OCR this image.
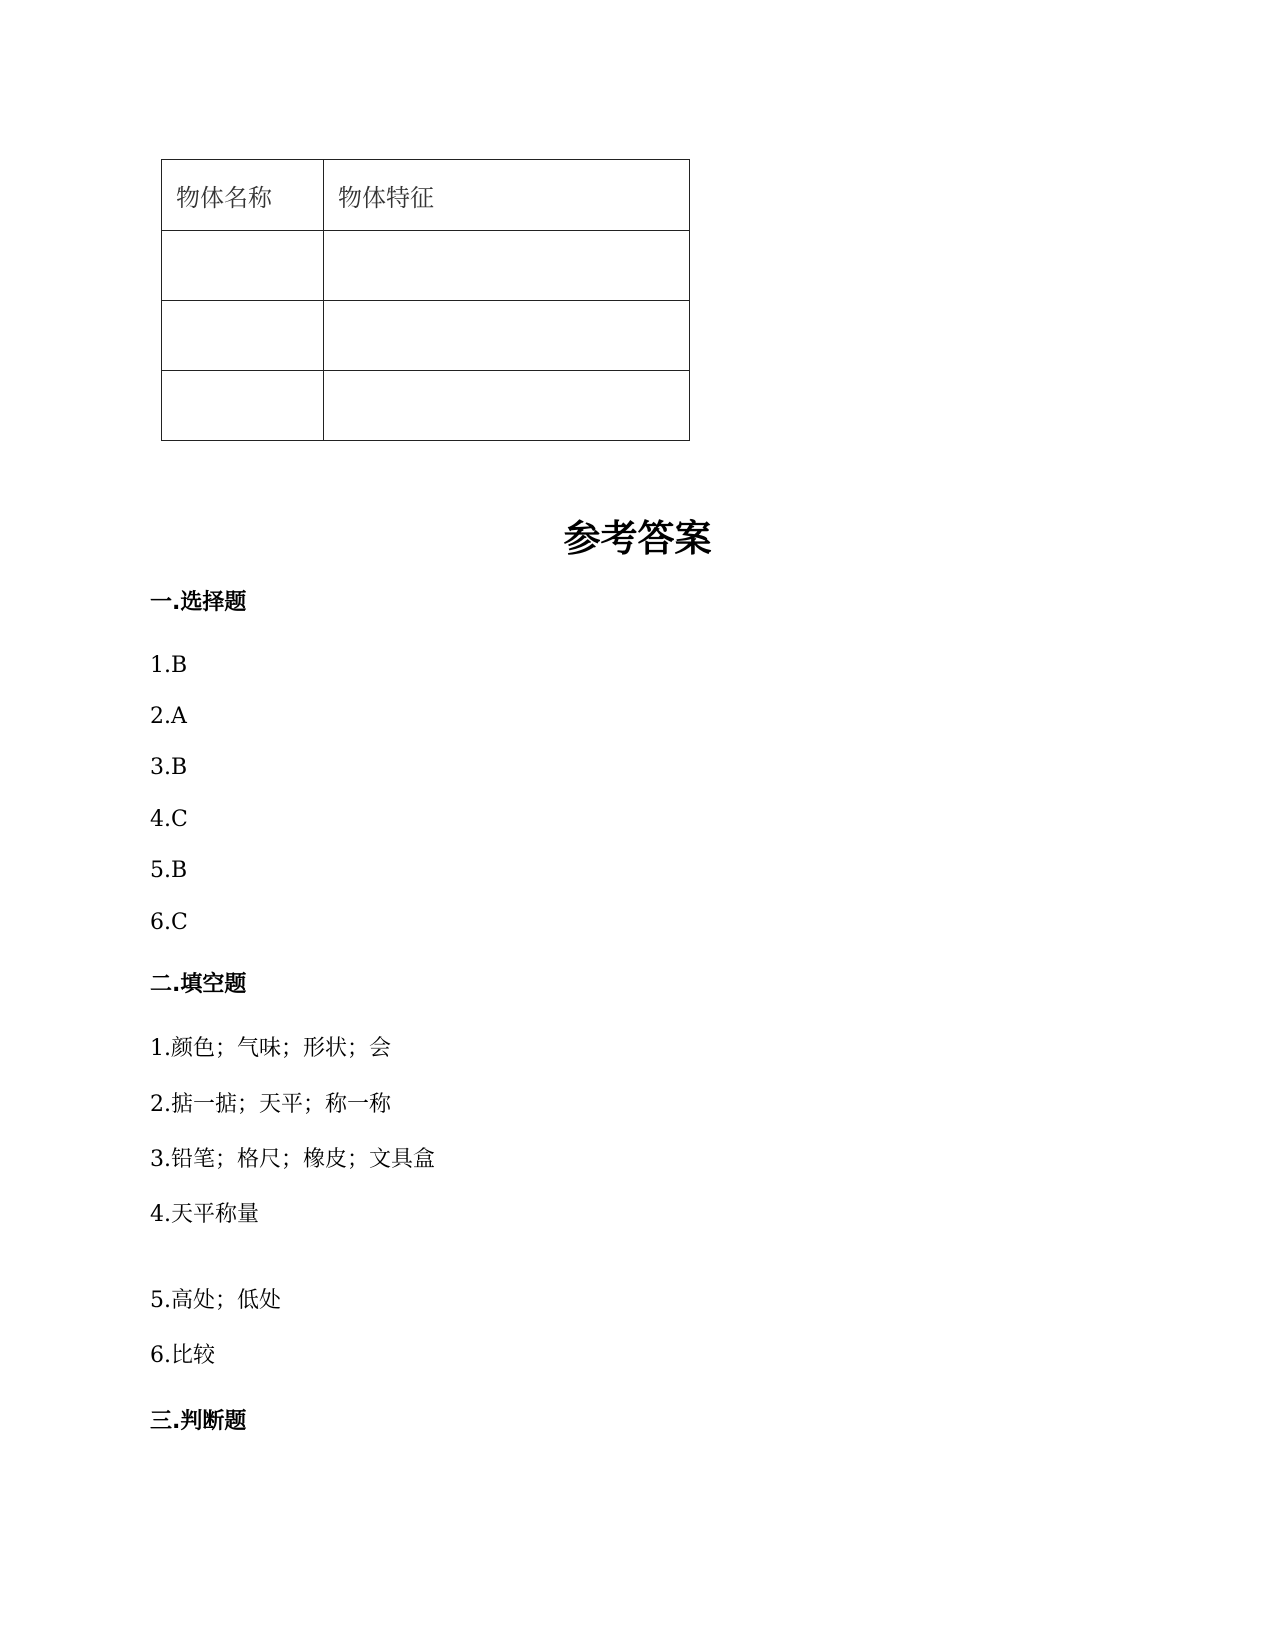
物体名称	物体特征

参考答案
一.选择题

1.B

2.A

3.B

4.C

5.B

6.C

二.填空题

1.颜色；气味；形状；会

2.掂一掂；天平；称一称

3.铅笔；格尺；橡皮；文具盒

4.天平称量

5.高处；低处

6.比较

三.判断题
